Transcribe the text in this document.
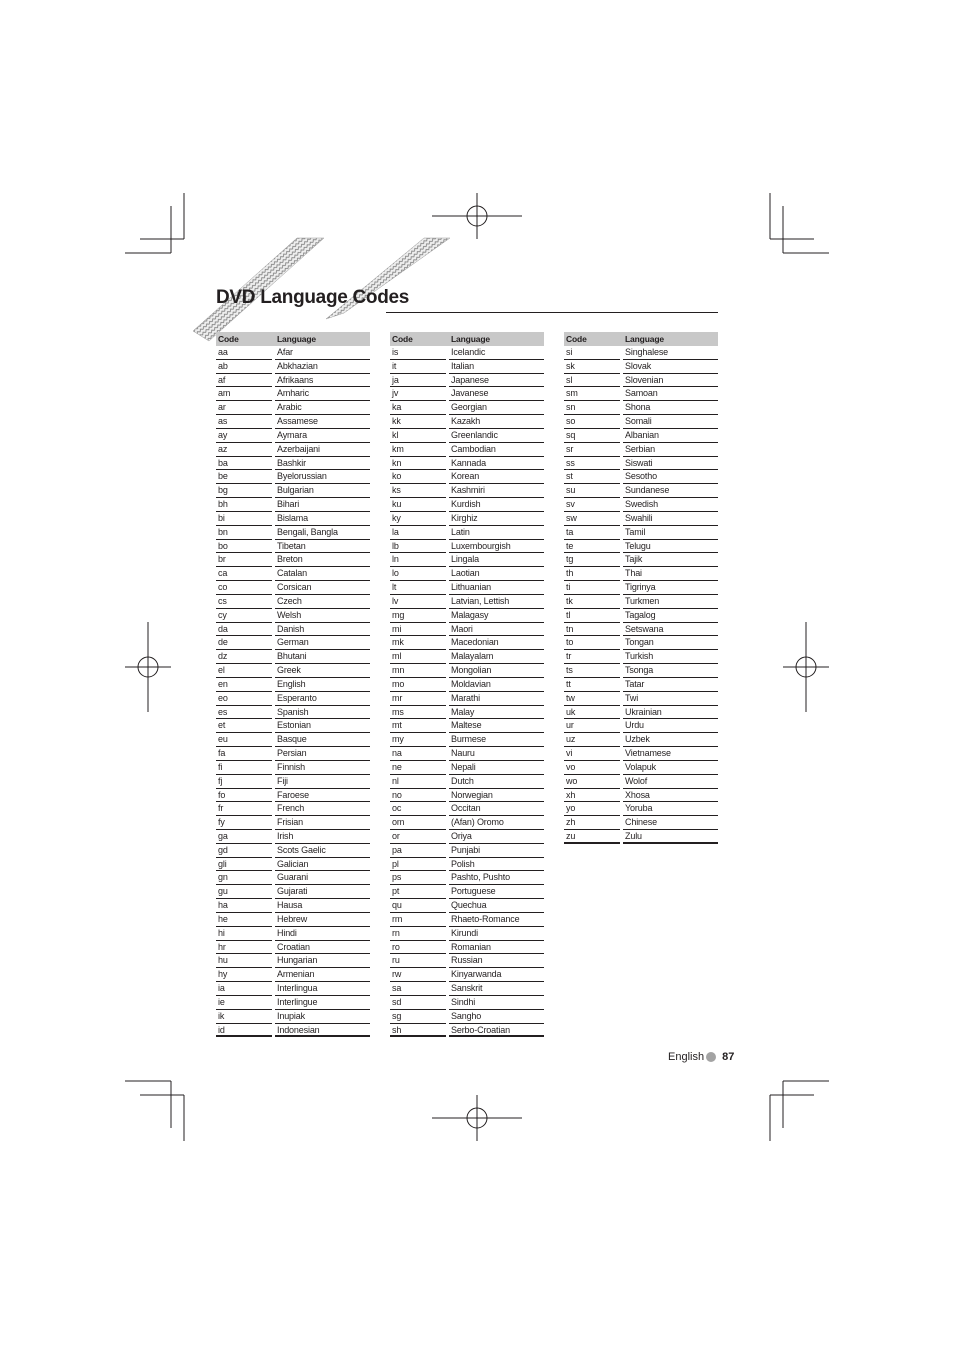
DVD Language Codes
Code	Language
aa	Afar
ab	Abkhazian
af	Afrikaans
am	Amharic
ar	Arabic
as	Assamese
ay	Aymara
az	Azerbaijani
ba	Bashkir
be	Byelorussian
bg	Bulgarian
bh	Bihari
bi	Bislama
bn	Bengali, Bangla
bo	Tibetan
br	Breton
ca	Catalan
co	Corsican
cs	Czech
cy	Welsh
da	Danish
de	German
dz	Bhutani
el	Greek
en	English
eo	Esperanto
es	Spanish
et	Estonian
eu	Basque
fa	Persian
fi	Finnish
fj	Fiji
fo	Faroese
fr	French
fy	Frisian
ga	Irish
gd	Scots Gaelic
gli	Galician
gn	Guarani
gu	Gujarati
ha	Hausa
he	Hebrew
hi	Hindi
hr	Croatian
hu	Hungarian
hy	Armenian
ia	Interlingua
ie	Interlingue
ik	Inupiak
id	Indonesian
Code	Language
is	Icelandic
it	Italian
ja	Japanese
jv	Javanese
ka	Georgian
kk	Kazakh
kl	Greenlandic
km	Cambodian
kn	Kannada
ko	Korean
ks	Kashmiri
ku	Kurdish
ky	Kirghiz
la	Latin
lb	Luxembourgish
ln	Lingala
lo	Laotian
lt	Lithuanian
lv	Latvian, Lettish
mg	Malagasy
mi	Maori
mk	Macedonian
ml	Malayalam
mn	Mongolian
mo	Moldavian
mr	Marathi
ms	Malay
mt	Maltese
my	Burmese
na	Nauru
ne	Nepali
nl	Dutch
no	Norwegian
oc	Occitan
om	(Afan) Oromo
or	Oriya
pa	Punjabi
pl	Polish
ps	Pashto, Pushto
pt	Portuguese
qu	Quechua
rm	Rhaeto-Romance
rn	Kirundi
ro	Romanian
ru	Russian
rw	Kinyarwanda
sa	Sanskrit
sd	Sindhi
sg	Sangho
sh	Serbo-Croatian
Code	Language
si	Singhalese
sk	Slovak
sl	Slovenian
sm	Samoan
sn	Shona
so	Somali
sq	Albanian
sr	Serbian
ss	Siswati
st	Sesotho
su	Sundanese
sv	Swedish
sw	Swahili
ta	Tamil
te	Telugu
tg	Tajik
th	Thai
ti	Tigrinya
tk	Turkmen
tl	Tagalog
tn	Setswana
to	Tongan
tr	Turkish
ts	Tsonga
tt	Tatar
tw	Twi
uk	Ukrainian
ur	Urdu
uz	Uzbek
vi	Vietnamese
vo	Volapuk
wo	Wolof
xh	Xhosa
yo	Yoruba
zh	Chinese
zu	Zulu
English 87
